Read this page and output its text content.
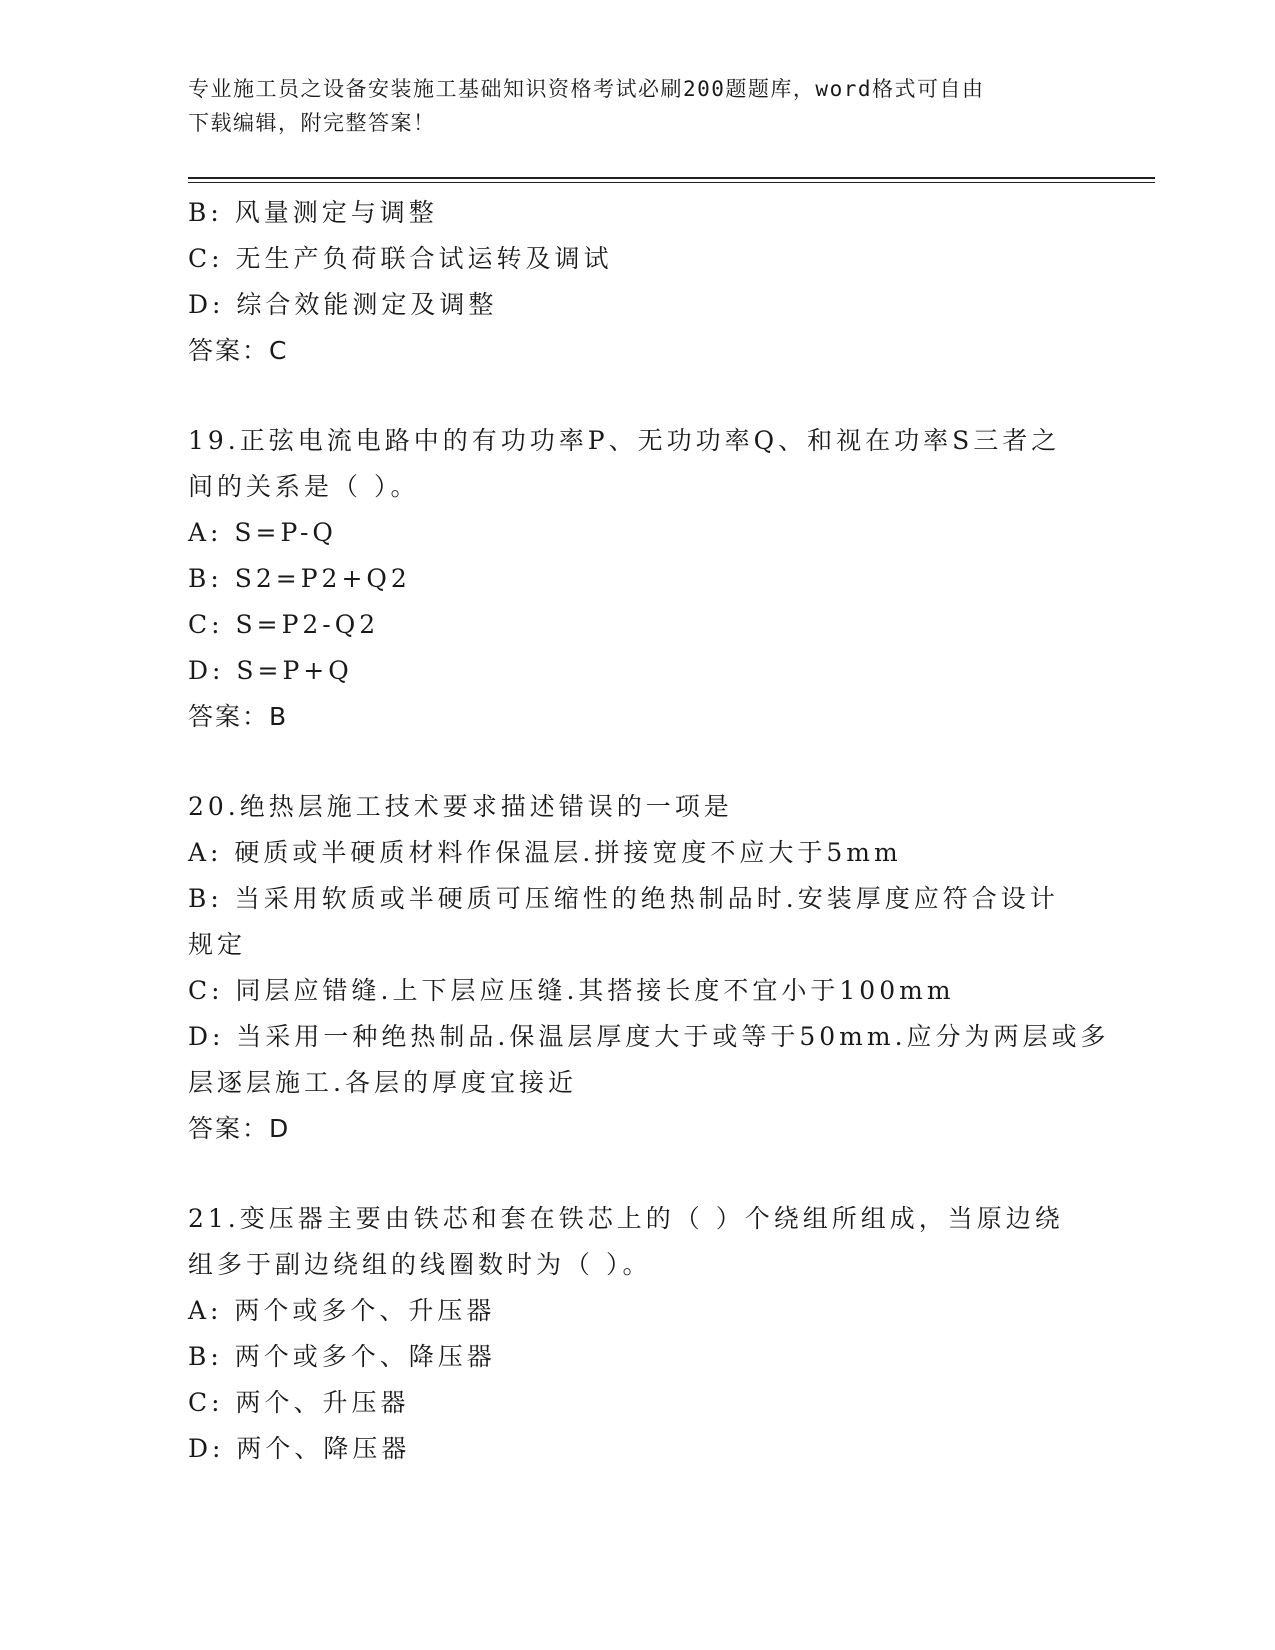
专业施工员之设备安装施工基础知识资格考试必刷200题题库，word格式可自由
下载编辑，附完整答案！
B: 风量测定与调整
C: 无生产负荷联合试运转及调试
D: 综合效能测定及调整
答案：C
19.正弦电流电路中的有功功率P、无功功率Q、和视在功率S三者之
间的关系是（ ）。
A: S=P-Q
B: S2=P2+Q2
C: S=P2-Q2
D: S=P+Q
答案：B
20.绝热层施工技术要求描述错误的一项是
A: 硬质或半硬质材料作保温层.拼接宽度不应大于5mm
B: 当采用软质或半硬质可压缩性的绝热制品时.安装厚度应符合设计
规定
C: 同层应错缝.上下层应压缝.其搭接长度不宜小于100mm
D: 当采用一种绝热制品.保温层厚度大于或等于50mm.应分为两层或多
层逐层施工.各层的厚度宜接近
答案：D
21.变压器主要由铁芯和套在铁芯上的（ ）个绕组所组成，当原边绕
组多于副边绕组的线圈数时为（ ）。
A: 两个或多个、升压器
B: 两个或多个、降压器
C: 两个、升压器
D: 两个、降压器
